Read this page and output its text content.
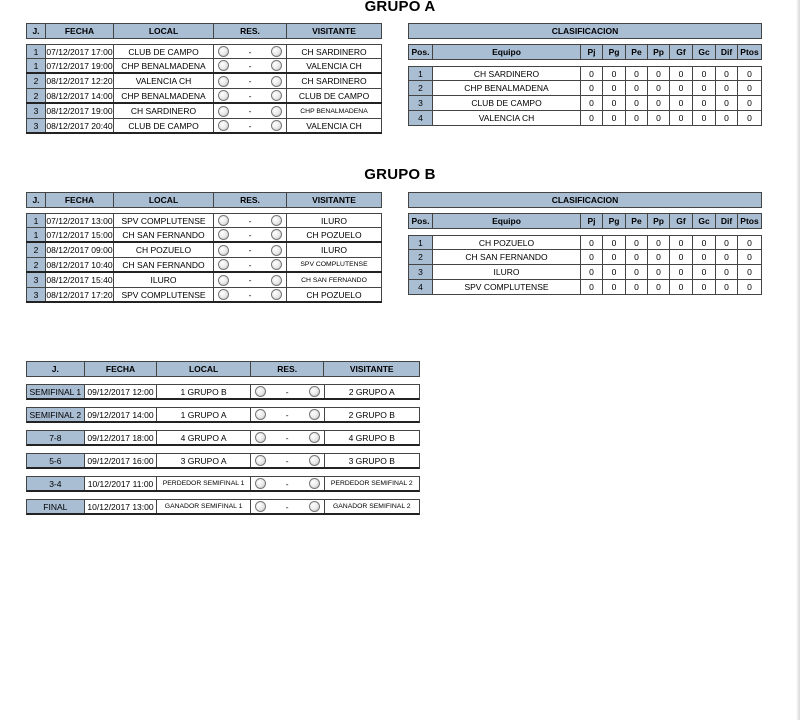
GRUPO A
GRUPO B
J.	FECHA	LOCAL	RES.	VISITANTE
1 07/12/2017 17:00	CLUB DE CAMPO	-	CH SARDINERO
1 07/12/2017 19:00	CHP BENALMADENA	-	VALENCIA CH
2 08/12/2017 12:20	VALENCIA CH	-	CH SARDINERO
2 08/12/2017 14:00	CHP BENALMADENA	-	CLUB DE CAMPO
3 08/12/2017 19:00	CH SARDINERO	-	CHP BENALMADENA
3 08/12/2017 20:40	CLUB DE CAMPO	-	VALENCIA CH
CLASIFICACION
Pos.	Equipo	Pj	Pg	Pe	Pp	Gf	Gc	Dif Ptos
1	CH SARDINERO	0	0	0	0	0	0	0	0
2	CHP BENALMADENA	0	0	0	0	0	0	0	0
3	CLUB DE CAMPO	0	0	0	0	0	0	0	0
4	VALENCIA CH	0	0	0	0	0	0	0	0
J.	FECHA	LOCAL	RES.	VISITANTE
1 07/12/2017 13:00	SPV COMPLUTENSE	-	ILURO
1 07/12/2017 15:00	CH SAN FERNANDO	-	CH POZUELO
2 08/12/2017 09:00	CH POZUELO	-	ILURO
2 08/12/2017 10:40	CH SAN FERNANDO	-	SPV COMPLUTENSE
3 08/12/2017 15:40	ILURO	-	CH SAN FERNANDO
3 08/12/2017 17:20	SPV COMPLUTENSE	-	CH POZUELO
CLASIFICACION
Pos.	Equipo	Pj	Pg	Pe	Pp	Gf	Gc	Dif Ptos
1	CH POZUELO	0	0	0	0	0	0	0	0
2	CH SAN FERNANDO	0	0	0	0	0	0	0	0
3	ILURO	0	0	0	0	0	0	0	0
4	SPV COMPLUTENSE	0	0	0	0	0	0	0	0
J.	FECHA	LOCAL	RES.	VISITANTE
SEMIFINAL 1 09/12/2017 12:00	1 GRUPO B	-	2 GRUPO A
SEMIFINAL 2 09/12/2017 14:00	1 GRUPO A	-	2 GRUPO B
7-8	09/12/2017 18:00	4 GRUPO A	-	4 GRUPO B
5-6	09/12/2017 16:00	3 GRUPO A	-	3 GRUPO B
3-4	10/12/2017 11:00	PERDEDOR SEMIFINAL 1	-	PERDEDOR SEMIFINAL 2
FINAL	10/12/2017 13:00	GANADOR SEMIFINAL 1	-	GANADOR SEMIFINAL 2
